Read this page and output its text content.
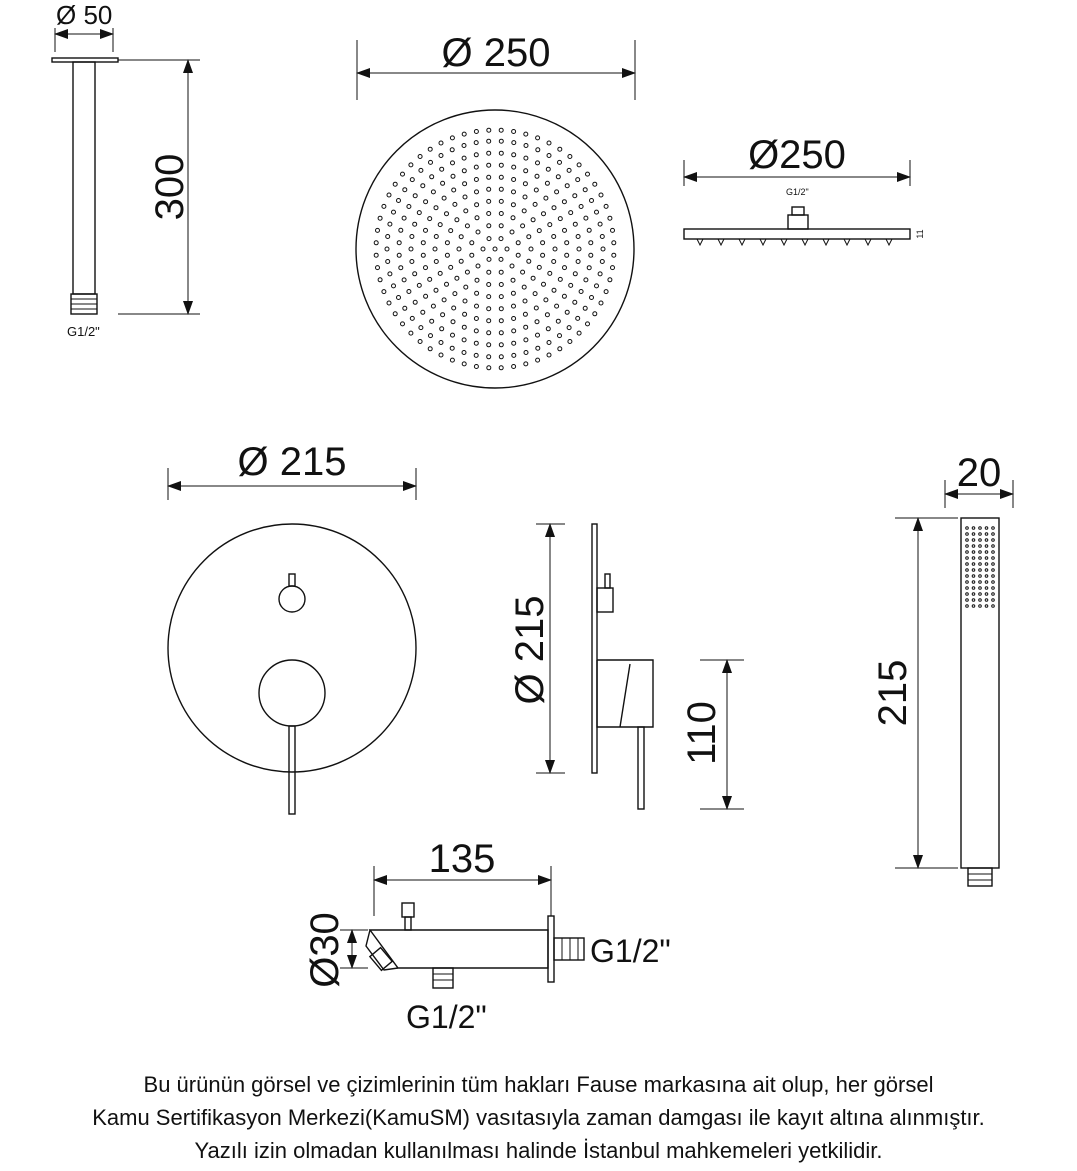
Ø 50
G1/2"
300
Ø 250
Ø250
G1/2"
11
Ø 215
Ø 215
110
20
215
135
G1/2"
G1/2"
Ø30
Bu ürünün görsel ve çizimlerinin tüm hakları Fause markasına ait olup, her görsel
Kamu Sertifikasyon Merkezi(KamuSM) vasıtasıyla zaman damgası ile kayıt altına alınmıştır.
Yazılı izin olmadan kullanılması halinde İstanbul mahkemeleri yetkilidir.
